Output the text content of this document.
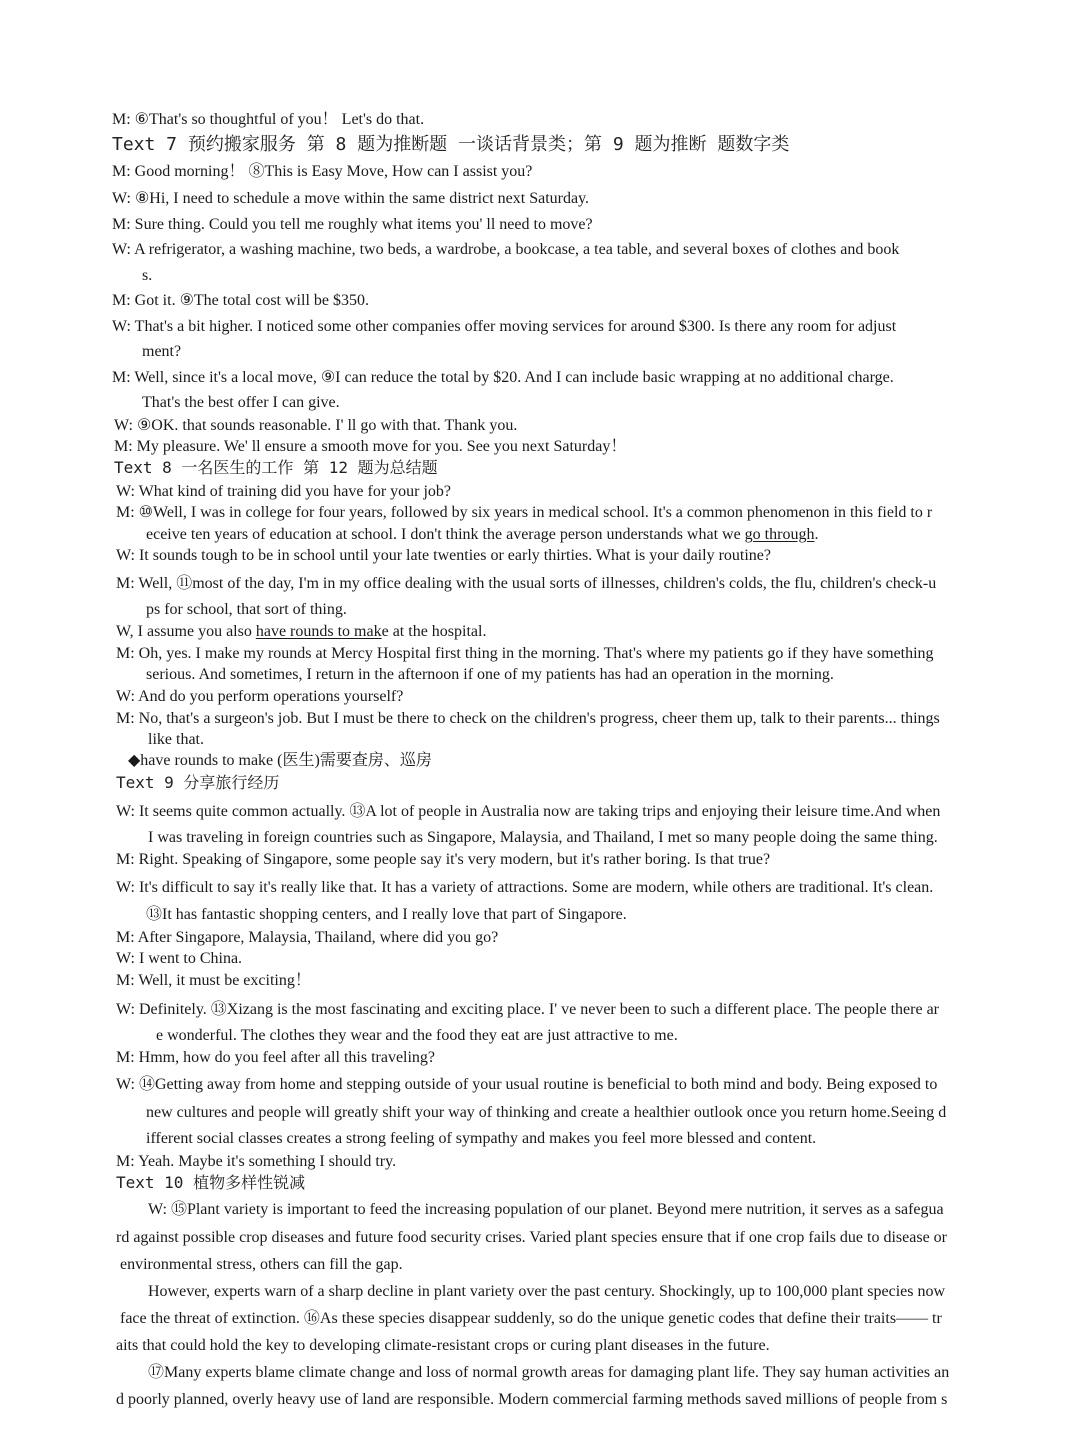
M: ⑥That's so thoughtful of you！ Let's do that.
Text 7 预约搬家服务 第 8 题为推断题 一谈话背景类；第 9 题为推断 题数字类
M: Good morning！ ⑧This is Easy Move, How can I assist you?
W: ⑧Hi, I need to schedule a move within the same district next Saturday.
M: Sure thing. Could you tell me roughly what items you' ll need to move?
W: A refrigerator, a washing machine, two beds, a wardrobe, a bookcase, a tea table, and several boxes of clothes and book
s.
M: Got it. ⑨The total cost will be $350.
W: That's a bit higher. I noticed some other companies offer moving services for around $300. Is there any room for adjust
ment?
M: Well, since it's a local move, ⑨I can reduce the total by $20. And I can include basic wrapping at no additional charge.
That's the best offer I can give.
W: ⑨OK. that sounds reasonable. I' ll go with that. Thank you.
M: My pleasure. We' ll ensure a smooth move for you. See you next Saturday！
Text 8 一名医生的工作 第 12 题为总结题
W: What kind of training did you have for your job?
M: ⑩Well, I was in college for four years, followed by six years in medical school. It's a common phenomenon in this field to r
eceive ten years of education at school. I don't think the average person understands what we go through.
W: It sounds tough to be in school until your late twenties or early thirties. What is your daily routine?
M: Well, ⑪most of the day, I'm in my office dealing with the usual sorts of illnesses, children's colds, the flu, children's check-u
ps for school, that sort of thing.
W, I assume you also have rounds to make at the hospital.
M: Oh, yes. I make my rounds at Mercy Hospital first thing in the morning. That's where my patients go if they have something
serious. And sometimes, I return in the afternoon if one of my patients has had an operation in the morning.
W: And do you perform operations yourself?
M: No, that's a surgeon's job. But I must be there to check on the children's progress, cheer them up, talk to their parents... things
like that.
◆have rounds to make (医生)需要查房、巡房
Text 9 分享旅行经历
W: It seems quite common actually. ⑬A lot of people in Australia now are taking trips and enjoying their leisure time.And when
I was traveling in foreign countries such as Singapore, Malaysia, and Thailand, I met so many people doing the same thing.
M: Right. Speaking of Singapore, some people say it's very modern, but it's rather boring. Is that true?
W: It's difficult to say it's really like that. It has a variety of attractions. Some are modern, while others are traditional. It's clean.
⑬It has fantastic shopping centers, and I really love that part of Singapore.
M: After Singapore, Malaysia, Thailand, where did you go?
W: I went to China.
M: Well, it must be exciting！
W: Definitely. ⑬Xizang is the most fascinating and exciting place. I' ve never been to such a different place. The people there ar
e wonderful. The clothes they wear and the food they eat are just attractive to me.
M: Hmm, how do you feel after all this traveling?
W: ⑭Getting away from home and stepping outside of your usual routine is beneficial to both mind and body. Being exposed to
new cultures and people will greatly shift your way of thinking and create a healthier outlook once you return home.Seeing d
ifferent social classes creates a strong feeling of sympathy and makes you feel more blessed and content.
M: Yeah. Maybe it's something I should try.
Text 10 植物多样性锐减
W: ⑮Plant variety is important to feed the increasing population of our planet. Beyond mere nutrition, it serves as a safegua
rd against possible crop diseases and future food security crises. Varied plant species ensure that if one crop fails due to disease or
environmental stress, others can fill the gap.
However, experts warn of a sharp decline in plant variety over the past century. Shockingly, up to 100,000 plant species now
face the threat of extinction. ⑯As these species disappear suddenly, so do the unique genetic codes that define their traits—— tr
aits that could hold the key to developing climate-resistant crops or curing plant diseases in the future.
⑰Many experts blame climate change and loss of normal growth areas for damaging plant life. They say human activities an
d poorly planned, overly heavy use of land are responsible. Modern commercial farming methods saved millions of people from s
